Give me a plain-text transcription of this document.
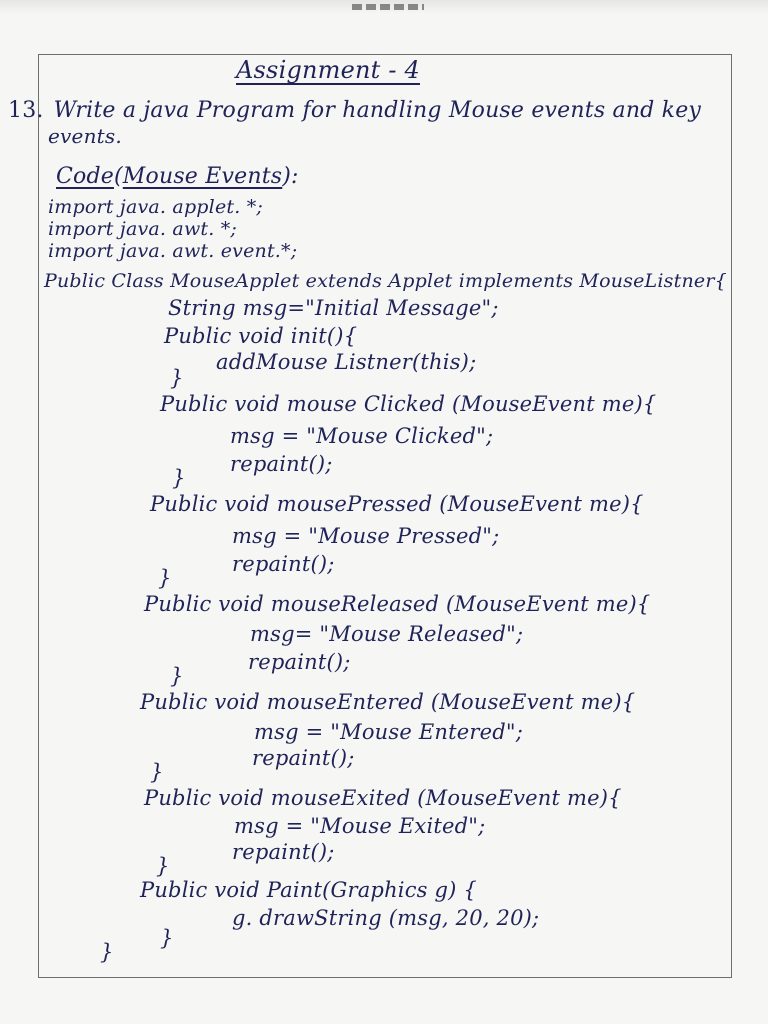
Assignment - 4
13. Write a java Program for handling Mouse events and key
events.
Code(Mouse Events):
import java. applet. *;
import java. awt. *;
import java. awt. event.*;
Public Class MouseApplet extends Applet implements MouseListner{
String msg="Initial Message";
Public void init(){
addMouse Listner(this);
}
Public void mouse Clicked (MouseEvent me){
msg = "Mouse Clicked";
repaint();
}
Public void mousePressed (MouseEvent me){
msg = "Mouse Pressed";
repaint();
}
Public void mouseReleased (MouseEvent me){
msg= "Mouse Released";
repaint();
}
Public void mouseEntered (MouseEvent me){
msg = "Mouse Entered";
repaint();
}
Public void mouseExited (MouseEvent me){
msg = "Mouse Exited";
repaint();
}
Public void Paint(Graphics g) {
g. drawString (msg, 20, 20);
}
}
